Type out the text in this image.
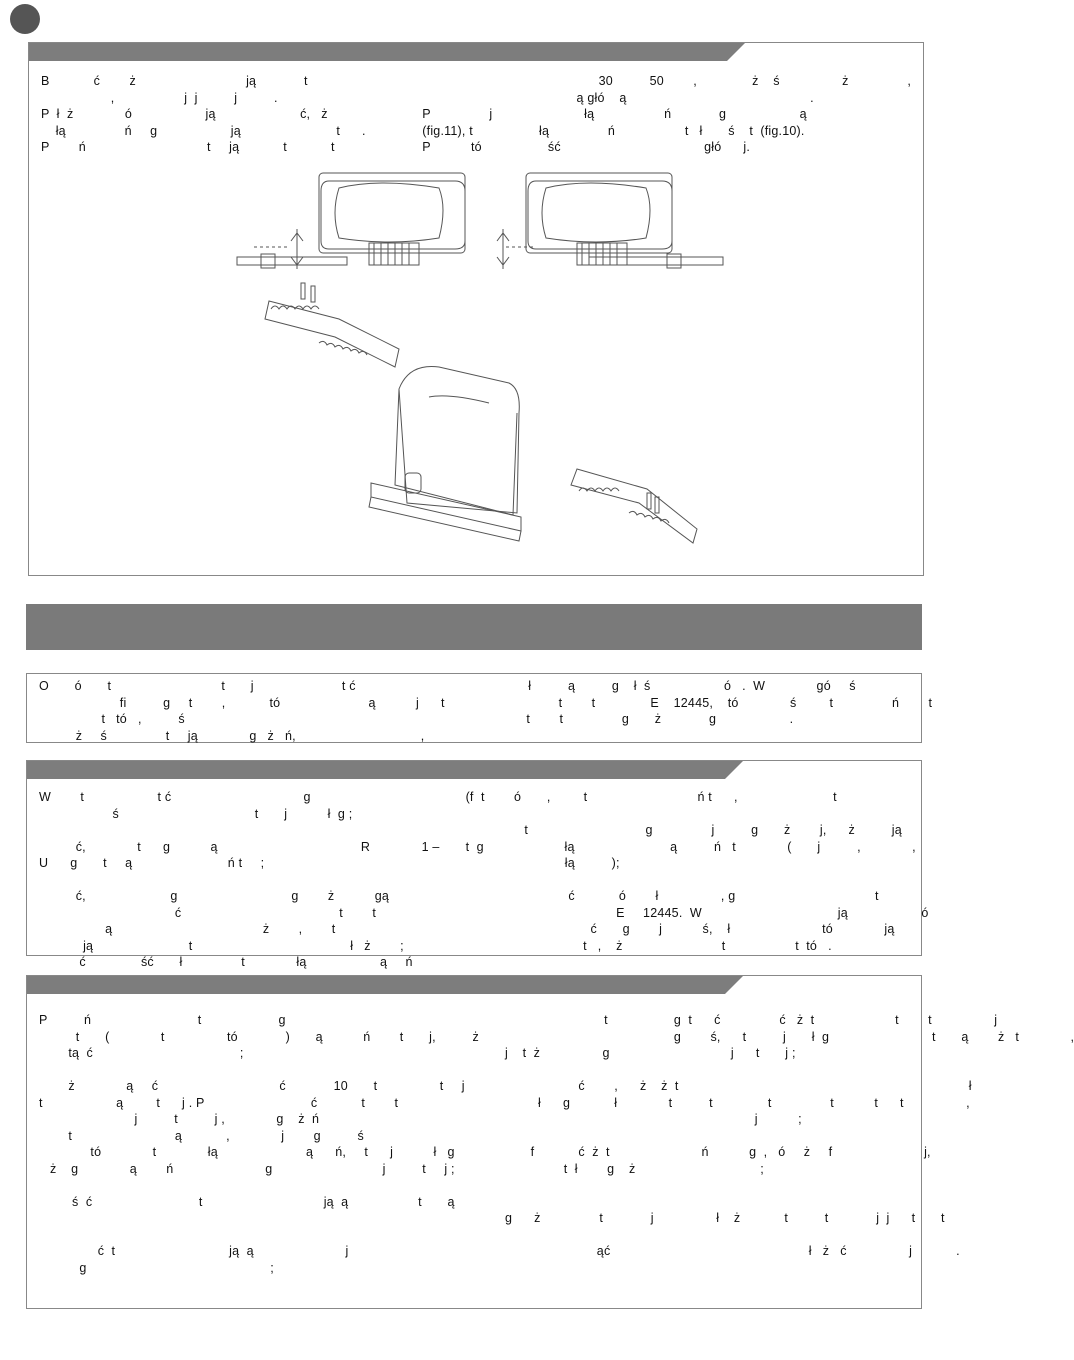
B            ć        ż                              ją             t
,                   j  j          j          .
P  ł  ż              ó                    ją                       ć,   ż
łą                ń     g                    ją                          t      .
P        ń                                 t     ją            t            t
30          50        ,               ż    ś                 ż                ,
ą głó    ą                                                  .
P                j                         łą                   ń             g                    ą
(fig.11), t                  łą                ń                   t   ł       ś    t  (fig.10).
P           tó                  ść                                       głó      j.
O       ó       t                              t       j                        t ć                                               ł          ą          g    ł  ś                    ó   .  W              gó     ś
fi          g     t        ,            tó                        ą           j      t                               t        t               E    12445,    tó              ś         t                ń        t
t   tó   ,          ś                                                                                             t        t                g       ż             g                    .
ż     ś                t     ją              g   ż   ń,                                  ,
W        t                    t ć                                    g
ś                                     t       j           ł  g ;
ć,              t      g           ą                                       R              1 –
U      g       t     ą                          ń t     ;
ć,                       g                               g        ż           gą
ć                                           t        t
ą                                         ż        ,        t
ją                          t                                           ł   ż        ;
ć               ść       ł                t              łą                    ą     ń
(f  t        ó       ,         t                              ń t      ,                          t
t                                g                j          g       ż        j,      ż          ją
t  g                      łą                          ą          ń   t              (       j          ,              ,
łą          );
ć            ó        ł                 , g                                      t
E     12445.  W                                     ją                    ó
ć       g        j           ś,    ł                         tó              ją
t   ,    ż                           t                   t  tó   .
P          ń                             t                     g
t       (              t                 tó             )       ą           ń        t       j,          ż
tą  ć                                        ;
ż              ą     ć                                 ć             10       t                 t     j
t                    ą         t      j . P                             ć            t        t
j          t          j ,              g    ż  ń
t                            ą            ,              j        g          ś
tó              t              łą                        ą      ń,     t      j           ł   g
ż    g              ą        ń                         g                              j          t     j ;
ś  ć                             t                                 ją  ą                   t       ą
ć  t                               ją  ą                         j
g                                                  ;
t                  g  t      ć                ć   ż  t                      t        t                 j
g        ś,      t          j       ł  g                            t       ą        ż   t              ,
j    t  ż                 g                                 j      t       j ;
ć        ,      ż    ż  t                                                                               ł
ł      g            ł              t          t               t                t           t      t                 ,
j           ;
f            ć  ż  t                         ń           g  ,   ó     ż     f                         j,
t  ł        g    ż                                  ;
g      ż                t             j                 ł    ż            t          t             j  j      t       t
ąć                                                      ł   ż   ć                 j            .
